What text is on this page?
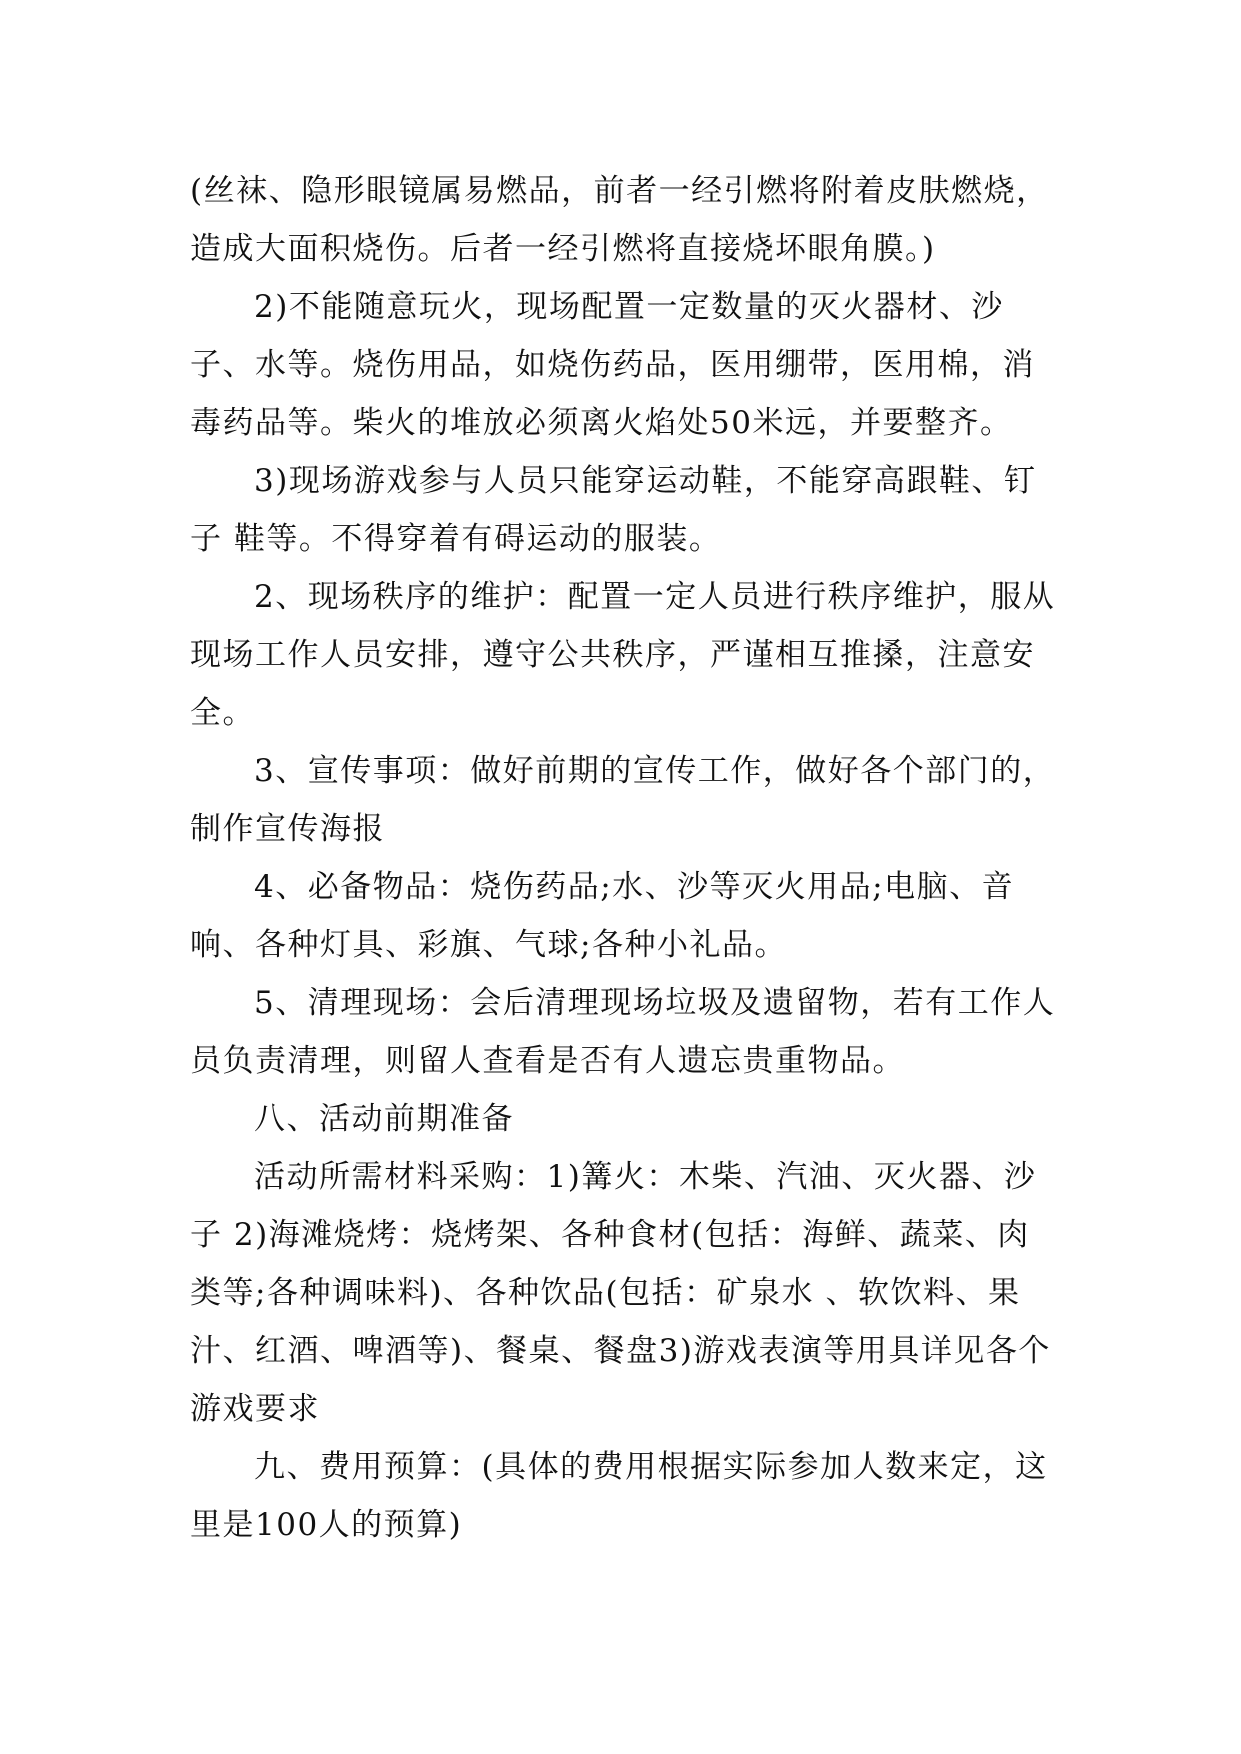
(丝袜、隐形眼镜属易燃品，前者一经引燃将附着皮肤燃烧，造成大面积烧伤。后者一经引燃将直接烧坏眼角膜。)

2)不能随意玩火，现场配置一定数量的灭火器材、沙子、水等。烧伤用品，如烧伤药品，医用绷带，医用棉，消毒药品等。柴火的堆放必须离火焰处50米远，并要整齐。

3)现场游戏参与人员只能穿运动鞋，不能穿高跟鞋、钉子 鞋等。不得穿着有碍运动的服装。

2、现场秩序的维护：配置一定人员进行秩序维护，服从现场工作人员安排，遵守公共秩序，严谨相互推搡，注意安全。

3、宣传事项：做好前期的宣传工作，做好各个部门的，制作宣传海报

4、必备物品：烧伤药品;水、沙等灭火用品;电脑、音响、各种灯具、彩旗、气球;各种小礼品。

5、清理现场：会后清理现场垃圾及遗留物，若有工作人员负责清理，则留人查看是否有人遗忘贵重物品。

八、活动前期准备

活动所需材料采购：1)篝火：木柴、汽油、灭火器、沙子 2)海滩烧烤：烧烤架、各种食材(包括：海鲜、蔬菜、肉类等;各种调味料)、各种饮品(包括：矿泉水 、软饮料、果汁、红酒、啤酒等)、餐桌、餐盘3)游戏表演等用具详见各个游戏要求

九、费用预算：(具体的费用根据实际参加人数来定，这里是100人的预算)
